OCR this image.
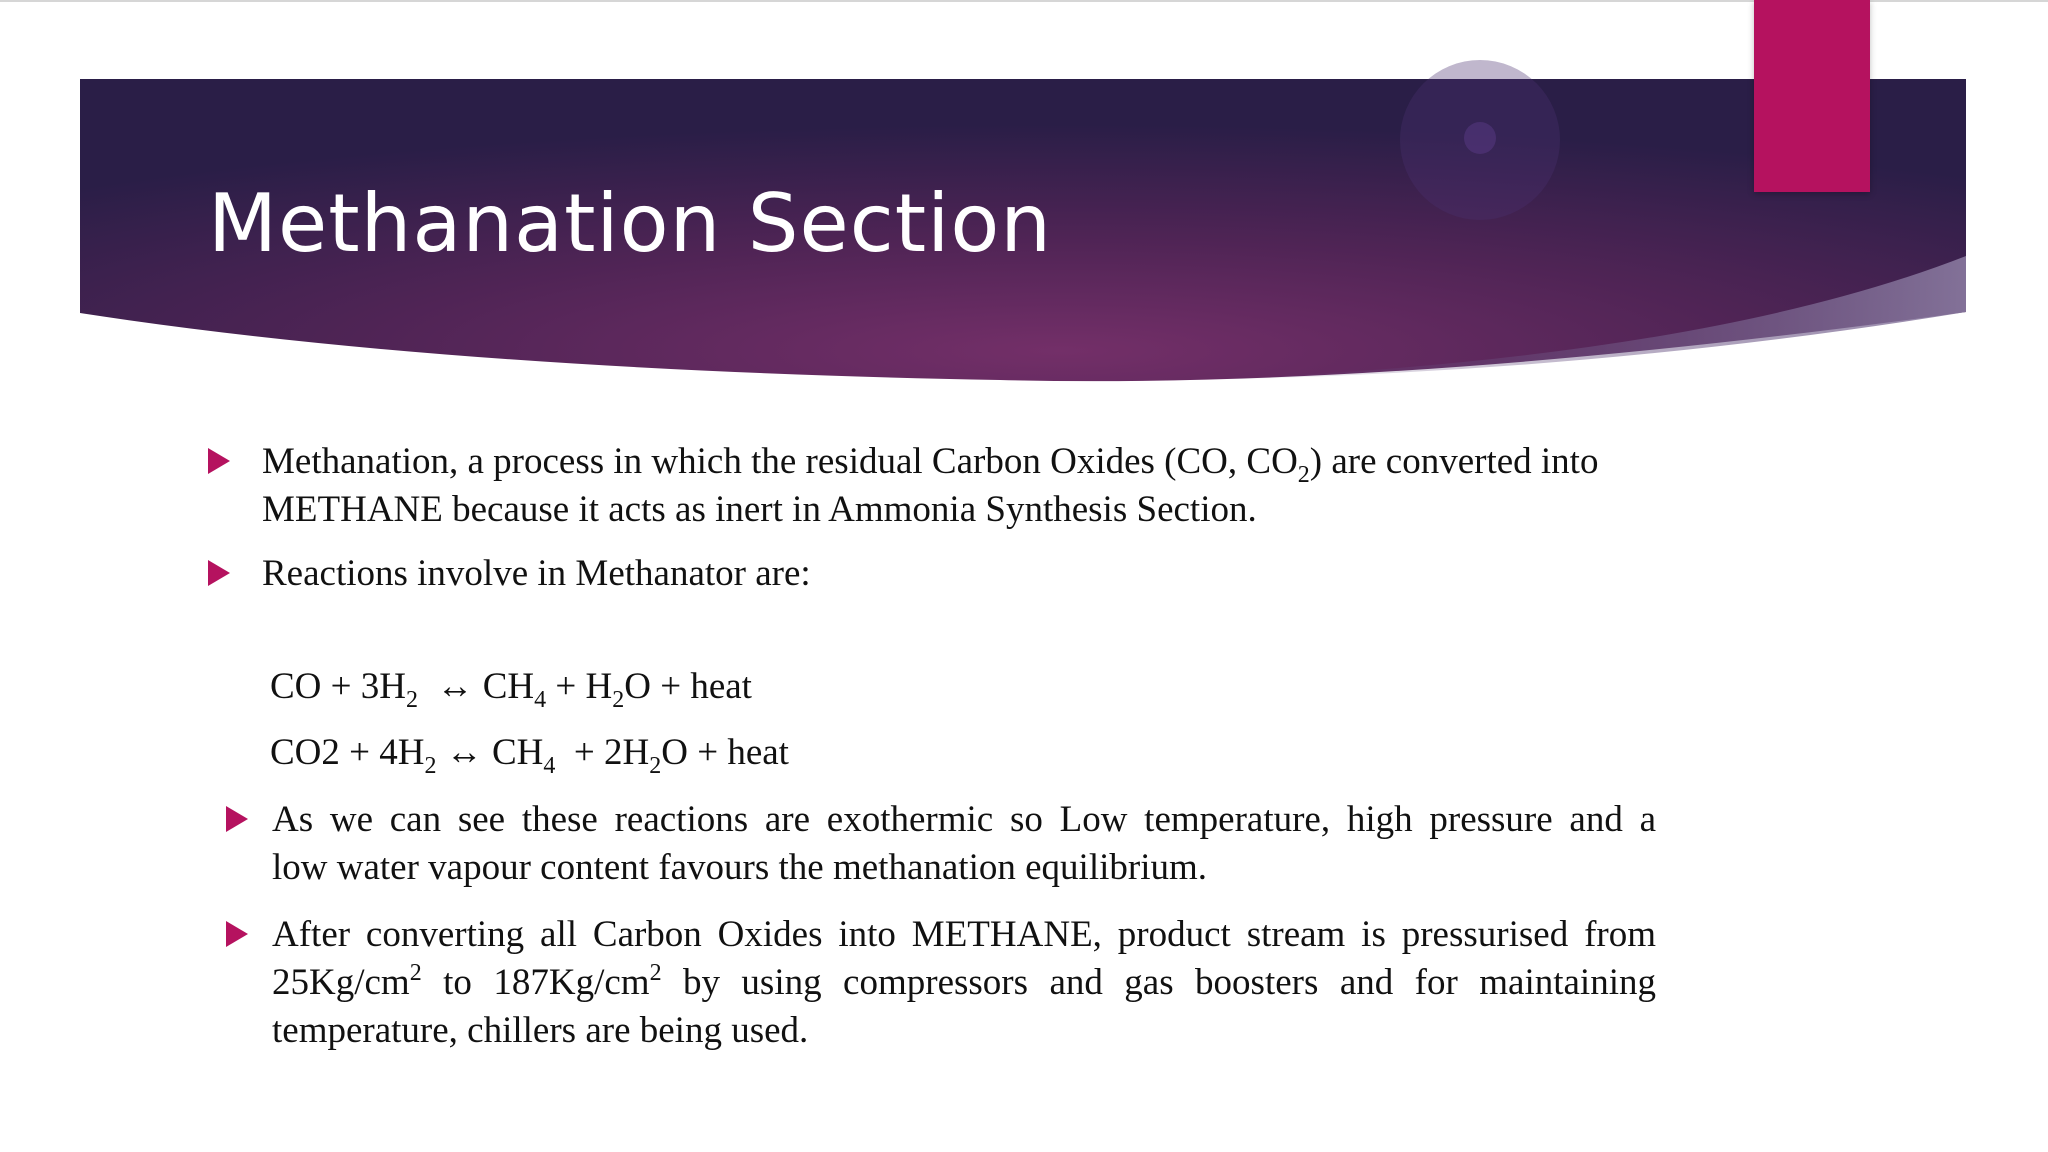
Methanation Section

Methanation, a process in which the residual Carbon Oxides (CO, $CO_2$) are converted into
METHANE because it acts as inert in Ammonia Synthesis Section.

Reactions involve in Methanator are:

CO + $3H_2$  ↔ $CH_4 + H_2O$ + heat
$CO2 + 4H_2$ ↔ $CH_4 + 2H_2O$ + heat

As we can see these reactions are exothermic so Low temperature, high pressure and a
low water vapour content favours the methanation equilibrium.

After converting all Carbon Oxides into METHANE, product stream is pressurised from
$25Kg/cm^2$ to $187Kg/cm^2$ by using compressors and gas boosters and for maintaining
temperature, chillers are being used.
